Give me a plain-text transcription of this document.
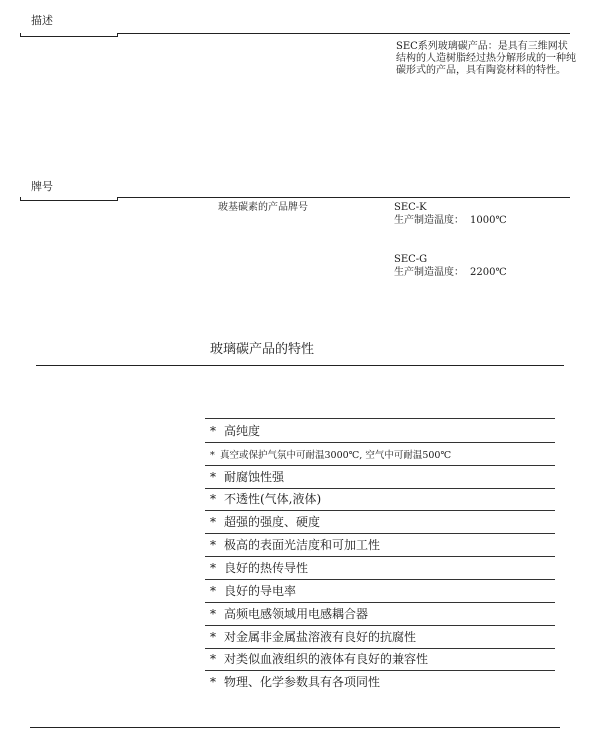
描述
SEC系列玻璃碳产品：是具有三维网状结构的人造树脂经过热分解形成的一种纯碳形式的产品，具有陶瓷材料的特性。
牌号
玻基碳素的产品牌号	SEC-K
生产制造温度： 1000℃
SEC-G
生产制造温度： 2200℃
玻璃碳产品的特性
* 高纯度
* 真空或保护气氛中可耐温3000℃, 空气中可耐温500℃
* 耐腐蚀性强
* 不透性(气体,液体)
* 超强的强度、硬度
* 极高的表面光洁度和可加工性
* 良好的热传导性
* 良好的导电率
* 高频电感领域用电感耦合器
* 对金属非金属盐溶液有良好的抗腐性
* 对类似血液组织的液体有良好的兼容性
* 物理、化学参数具有各项同性
